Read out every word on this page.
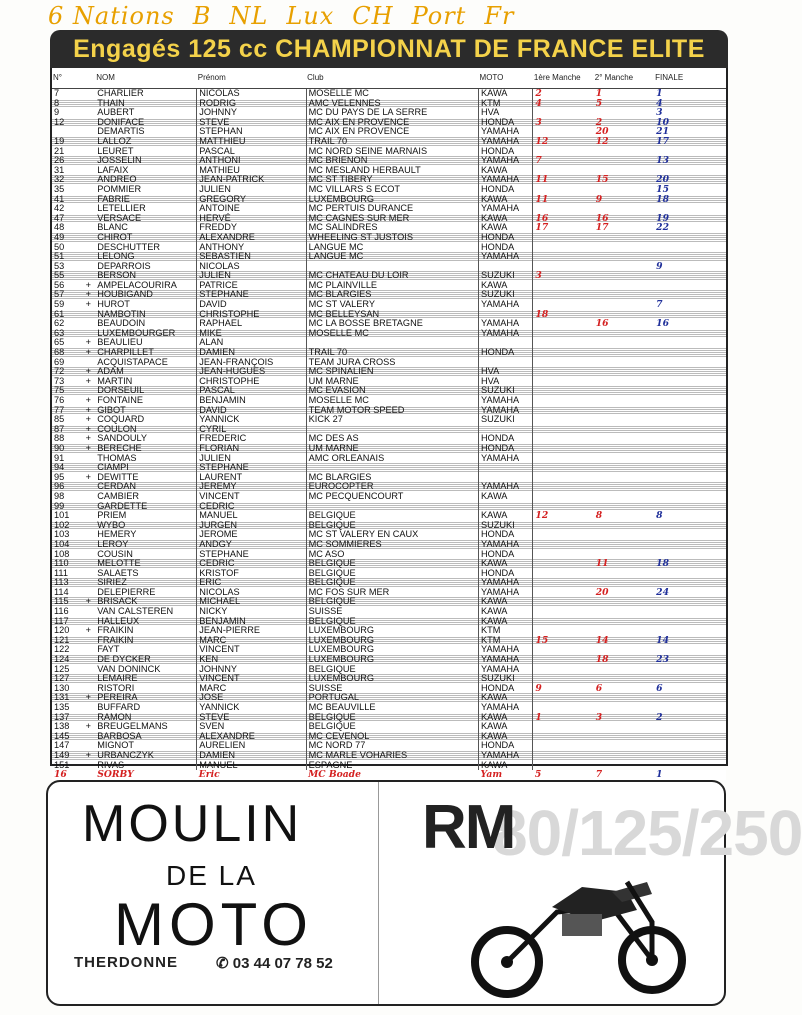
6 Nations B NL Lux CH Port Fr
Engagés 125 cc CHAMPIONNAT DE FRANCE ELITE
N°		NOM	Prénom	Club	MOTO	1ère Manche	2° Manche	FINALE
7		CHARLIER	NICOLAS	MOSELLE MC	KAWA	2	1	1
8		THAIN	RODRIG	AMC VELENNES	KTM	4	5	4
9		AUBERT	JOHNNY	MC DU PAYS DE LA SERRE	HVA			3
12		DONIFACE	STEVE	MC AIX EN PROVENCE	HONDA	3	2	10
		DEMARTIS	STEPHAN	MC AIX EN PROVENCE	YAMAHA		20	21
19		LALLOZ	MATTHIEU	TRAIL 70	YAMAHA	12	12	17
21		LEURET	PASCAL	MC NORD SEINE MARNAIS	HONDA			
26		JOSSELIN	ANTHONI	MC BRIENON	YAMAHA	7		13
31		LAFAIX	MATHIEU	MC MESLAND HERBAULT	KAWA			
32		ANDREO	JEAN-PATRICK	MC ST TIBERY	YAMAHA	11	15	20
35		POMMIER	JULIEN	MC VILLARS S ECOT	HONDA			15
41		FABRIE	GREGORY	LUXEMBOURG	KAWA	11	9	18
42		LETELLIER	ANTOINE	MC PERTUIS DURANCE	YAMAHA			
47		VERSACE	HERVÉ	MC CAGNES SUR MER	KAWA	16	16	19
48		BLANC	FREDDY	MC SALINDRES	KAWA	17	17	22
49		CHIROT	ALEXANDRE	WHEELING ST JUSTOIS	HONDA			
50		DESCHUTTER	ANTHONY	LANGUE MC	HONDA			
51		LELONG	SEBASTIEN	LANGUE MC	YAMAHA			
53		DEPARROIS	NICOLAS					9
55		BERSON	JULIEN	MC CHATEAU DU LOIR	SUZUKI	3		
56	+	AMPELACOURIRA	PATRICE	MC PLAINVILLE	KAWA			
57	+	HOUBIGAND	STEPHANE	MC BLARGIES	SUZUKI			
59	+	HUROT	DAVID	MC ST VALERY	YAMAHA			7
61		NAMBOTIN	CHRISTOPHE	MC BELLEYSAN		18		
62		BEAUDOIN	RAPHAEL	MC LA BOSSE BRETAGNE	YAMAHA		16	16
63		LUXEMBOURGER	MIKE	MOSELLE MC	YAMAHA			
65	+	BEAULIEU	ALAN					
68	+	CHARPILLET	DAMIEN	TRAIL 70	HONDA			
69		ACQUISTAPACE	JEAN-FRANÇOIS	TEAM JURA CROSS				
72	+	ADAM	JEAN-HUGUES	MC SPINALIEN	HVA			
73	+	MARTIN	CHRISTOPHE	UM MARNE	HVA			
75		DORSEUIL	PASCAL	MC EVASION	SUZUKI			
76	+	FONTAINE	BENJAMIN	MOSELLE MC	YAMAHA			
77	+	GIBOT	DAVID	TEAM MOTOR SPEED	YAMAHA			
85	+	COQUARD	YANNICK	KICK 27	SUZUKI			
87	+	COULON	CYRIL					
88	+	SANDOULY	FREDERIC	MC DES AS	HONDA			
90	+	BERECHE	FLORIAN	UM MARNE	HONDA			
91		THOMAS	JULIEN	AMC ORLEANAIS	YAMAHA			
94		CIAMPI	STEPHANE					
95	+	DEWITTE	LAURENT	MC BLARGIES				
96		CERDAN	JEREMY	EUROCOPTER	YAMAHA			
98		CAMBIER	VINCENT	MC PECQUENCOURT	KAWA			
99		GARDETTE	CEDRIC					
101		PRIEM	MANUEL	BELGIQUE	KAWA	12	8	8
102		WYBO	JURGEN	BELGIQUE	SUZUKI			
103		HEMERY	JEROME	MC ST VALERY EN CAUX	HONDA			
104		LEROY	ANDGY	MC SOMMIERES	YAMAHA			
108		COUSIN	STEPHANE	MC ASO	HONDA			
110		MELOTTE	CEDRIC	BELGIQUE	KAWA		11	18
111		SALAETS	KRISTOF	BELGIQUE	HONDA			
113		SIRIEZ	ERIC	BELGIQUE	YAMAHA			
114		DELEPIERRE	NICOLAS	MC FOS SUR MER	YAMAHA		20	24
115	+	BRISACK	MICHAEL	BELGIQUE	KAWA			
116		VAN CALSTEREN	NICKY	SUISSE	KAWA			
117		HALLEUX	BENJAMIN	BELGIQUE	KAWA			
120	+	FRAIKIN	JEAN-PIERRE	LUXEMBOURG	KTM			
121		FRAIKIN	MARC	LUXEMBOURG	KTM	15	14	14
122		FAYT	VINCENT	LUXEMBOURG	YAMAHA			
124		DE DYCKER	KEN	LUXEMBOURG	YAMAHA		18	23
125		VAN DONINCK	JOHNNY	BELGIQUE	YAMAHA			
127		LEMAIRE	VINCENT	LUXEMBOURG	SUZUKI			
130		RISTORI	MARC	SUISSE	HONDA	9	6	6
131	+	PEREIRA	JOSE	PORTUGAL	KAWA			
135		BUFFARD	YANNICK	MC BEAUVILLE	YAMAHA			
137		RAMON	STEVE	BELGIQUE	KAWA	1	3	2
138	+	BREUGELMANS	SVEN	BELGIQUE	KAWA			
145		BARBOSA	ALEXANDRE	MC CEVENOL	KAWA			
147		MIGNOT	AURELIEN	MC NORD 77	HONDA			
149	+	URBANCZYK	DAMIEN	MC MARLE VOHARIES	YAMAHA			
151		RIVAS	MANUEL	ESPAGNE	KAWA			
16		SORBY	Eric	MC Boade	Yam	5	7	1
MOULIN
DE LA
MOTO
THERDONNE	✆ 03 44 07 78 52
80/125/250
RM
